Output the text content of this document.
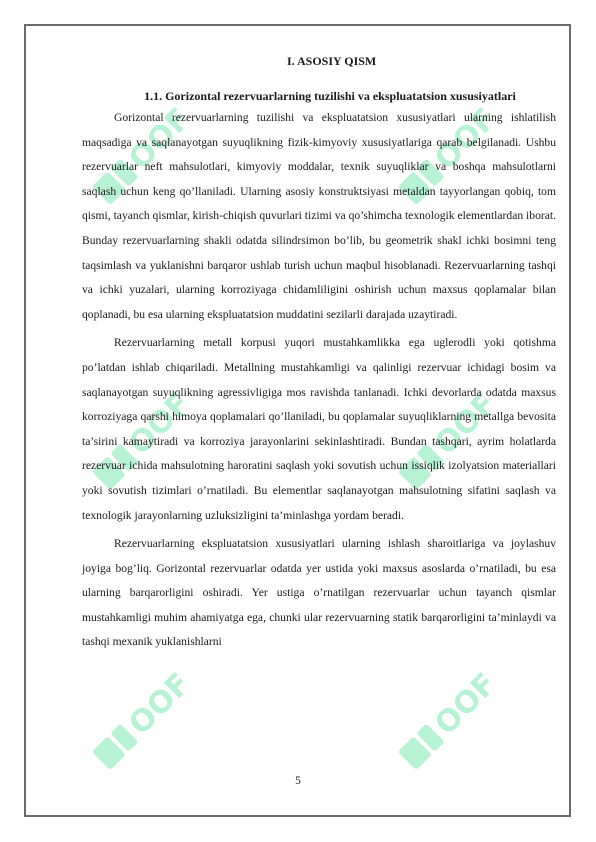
OOF	OOF
OOF	OOF
OOF	OOF
I. ASOSIY QISM
1.1. Gorizontal rezervuarlarning tuzilishi va ekspluatatsion xususiyatlari

Gorizontal rezervuarlarning tuzilishi va ekspluatatsion xususiyatlari ularning ishlatilish maqsadiga va saqlanayotgan suyuqlikning fizik-kimyoviy xususiyatlariga qarab belgilanadi. Ushbu rezervuarlar neft mahsulotlari, kimyoviy moddalar, texnik suyuqliklar va boshqa mahsulotlarni saqlash uchun keng qo’llaniladi. Ularning asosiy konstruktsiyasi metaldan tayyorlangan qobiq, tom qismi, tayanch qismlar, kirish-chiqish quvurlari tizimi va qo’shimcha texnologik elementlardan iborat. Bunday rezervuarlarning shakli odatda silindrsimon bo’lib, bu geometrik shakl ichki bosimni teng taqsimlash va yuklanishni barqaror ushlab turish uchun maqbul hisoblanadi. Rezervuarlarning tashqi va ichki yuzalari, ularning korroziyaga chidamliligini oshirish uchun maxsus qoplamalar bilan qoplanadi, bu esa ularning ekspluatatsion muddatini sezilarli darajada uzaytiradi.

Rezervuarlarning metall korpusi yuqori mustahkamlikka ega uglerodli yoki qotishma po’latdan ishlab chiqariladi. Metallning mustahkamligi va qalinligi rezervuar ichidagi bosim va saqlanayotgan suyuqlikning agressivligiga mos ravishda tanlanadi. Ichki devorlarda odatda maxsus korroziyaga qarshi himoya qoplamalari qo’llaniladi, bu qoplamalar suyuqliklarning metallga bevosita ta’sirini kamaytiradi va korroziya jarayonlarini sekinlashtiradi. Bundan tashqari, ayrim holatlarda rezervuar ichida mahsulotning haroratini saqlash yoki sovutish uchun issiqlik izolyatsion materiallari yoki sovutish tizimlari o’rnatiladi. Bu elementlar saqlanayotgan mahsulotning sifatini saqlash va texnologik jarayonlarning uzluksizligini ta’minlashga yordam beradi.

Rezervuarlarning ekspluatatsion xususiyatlari ularning ishlash sharoitlariga va joylashuv joyiga bog’liq. Gorizontal rezervuarlar odatda yer ustida yoki maxsus asoslarda o’rnatiladi, bu esa ularning barqarorligini oshiradi. Yer ustiga o’rnatilgan rezervuarlar uchun tayanch qismlar mustahkamligi muhim ahamiyatga ega, chunki ular rezervuarning statik barqarorligini ta’minlaydi va tashqi mexanik yuklanishlarni

5
